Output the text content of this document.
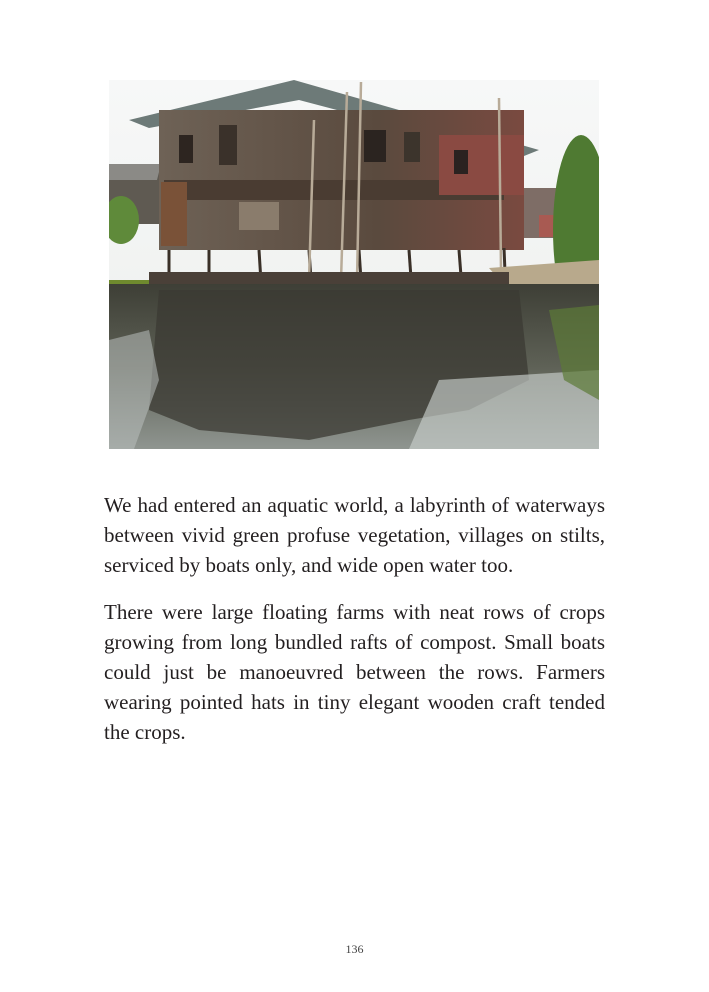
We had entered an aquatic world, a labyrinth of waterways between vivid green profuse vegetation, villages on stilts, serviced by boats only, and wide open water too.

There were large floating farms with neat rows of crops growing from long bundled rafts of compost. Small boats could just be manoeuvred between the rows. Farmers wearing pointed hats in tiny elegant wooden craft tended the crops.

136
